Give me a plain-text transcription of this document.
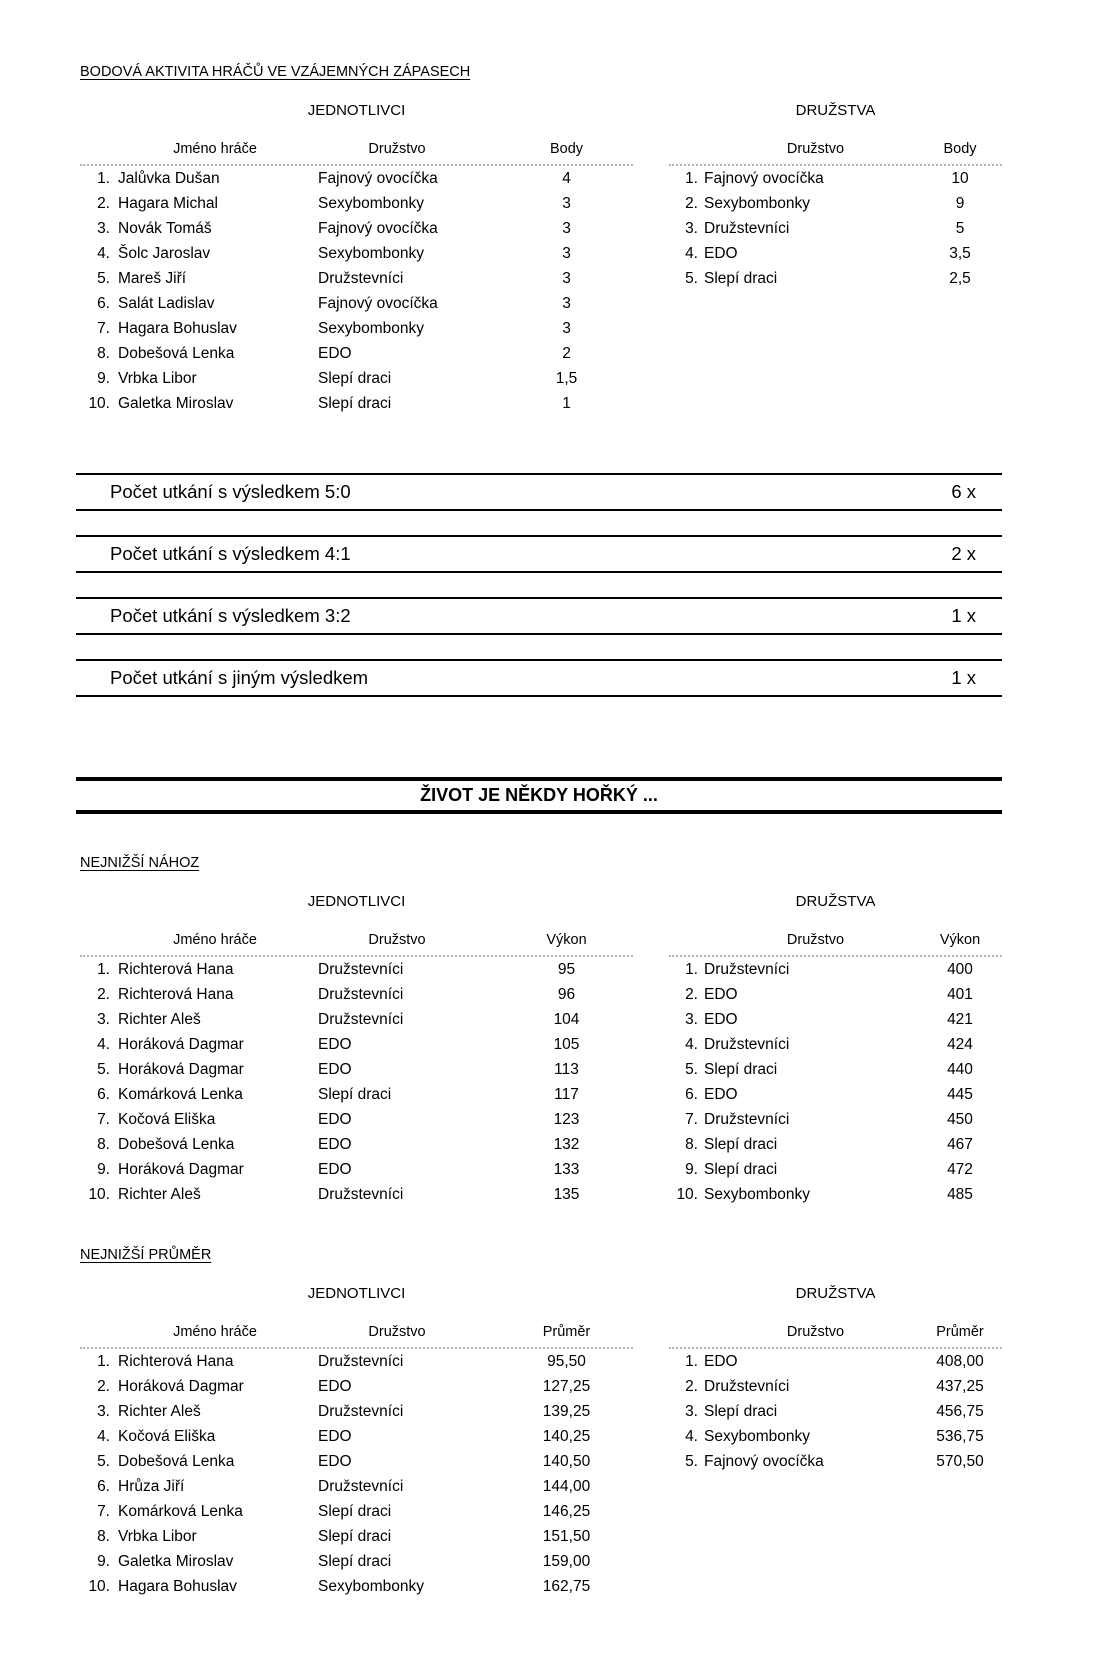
BODOVÁ AKTIVITA HRÁČŮ VE VZÁJEMNÝCH ZÁPASECH
JEDNOTLIVCI
Jméno hráče	Družstvo	Body
1. Jalůvka Dušan	Fajnový ovocíčka	4
2. Hagara Michal	Sexybombonky	3
3. Novák Tomáš	Fajnový ovocíčka	3
4. Šolc Jaroslav	Sexybombonky	3
5. Mareš Jiří	Družstevníci	3
6. Salát Ladislav	Fajnový ovocíčka	3
7. Hagara Bohuslav	Sexybombonky	3
8. Dobešová Lenka	EDO	2
9. Vrbka Libor	Slepí draci	1,5
10. Galetka Miroslav	Slepí draci	1
DRUŽSTVA
Družstvo	Body
1. Fajnový ovocíčka	10
2. Sexybombonky	9
3. Družstevníci	5
4. EDO	3,5
5. Slepí draci	2,5
Počet utkání s výsledkem 5:0	6 x
Počet utkání s výsledkem 4:1	2 x
Počet utkání s výsledkem 3:2	1 x
Počet utkání s jiným výsledkem	1 x
ŽIVOT JE NĚKDY HOŘKÝ ...
NEJNIŽŠÍ NÁHOZ
JEDNOTLIVCI
Jméno hráče	Družstvo	Výkon
1. Richterová Hana	Družstevníci	95
2. Richterová Hana	Družstevníci	96
3. Richter Aleš	Družstevníci	104
4. Horáková Dagmar	EDO	105
5. Horáková Dagmar	EDO	113
6. Komárková Lenka	Slepí draci	117
7. Kočová Eliška	EDO	123
8. Dobešová Lenka	EDO	132
9. Horáková Dagmar	EDO	133
10. Richter Aleš	Družstevníci	135
DRUŽSTVA
Družstvo	Výkon
1. Družstevníci	400
2. EDO	401
3. EDO	421
4. Družstevníci	424
5. Slepí draci	440
6. EDO	445
7. Družstevníci	450
8. Slepí draci	467
9. Slepí draci	472
10. Sexybombonky	485
NEJNIŽŠÍ PRŮMĚR
JEDNOTLIVCI
Jméno hráče	Družstvo	Průměr
1. Richterová Hana	Družstevníci	95,50
2. Horáková Dagmar	EDO	127,25
3. Richter Aleš	Družstevníci	139,25
4. Kočová Eliška	EDO	140,25
5. Dobešová Lenka	EDO	140,50
6. Hrůza Jiří	Družstevníci	144,00
7. Komárková Lenka	Slepí draci	146,25
8. Vrbka Libor	Slepí draci	151,50
9. Galetka Miroslav	Slepí draci	159,00
10. Hagara Bohuslav	Sexybombonky	162,75
DRUŽSTVA
Družstvo	Průměr
1. EDO	408,00
2. Družstevníci	437,25
3. Slepí draci	456,75
4. Sexybombonky	536,75
5. Fajnový ovocíčka	570,50
